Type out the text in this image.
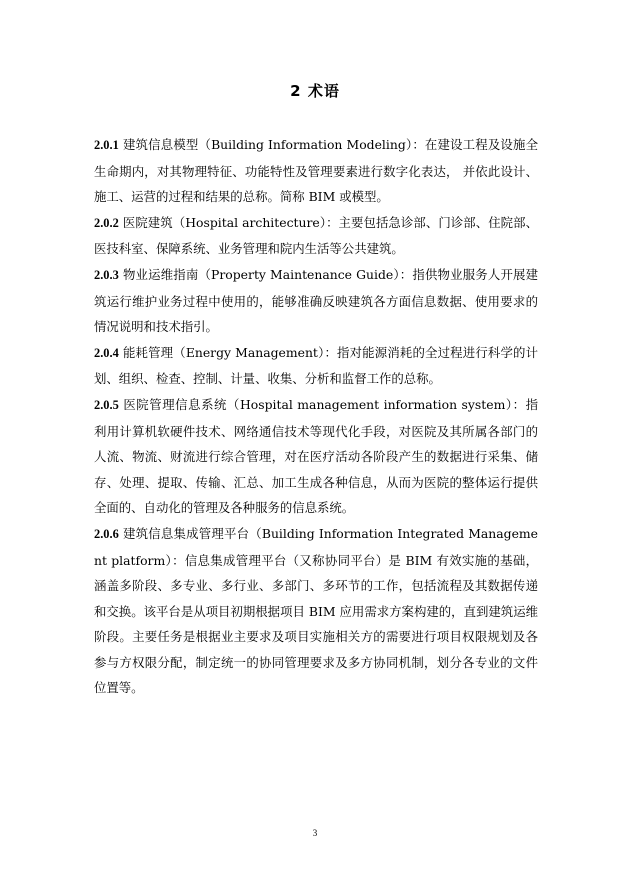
2 术语

2.0.1 建筑信息模型（Building Information Modeling）：在建设工程及设施全生命期内，对其物理特征、功能特性及管理要素进行数字化表达， 并依此设计、施工、运营的过程和结果的总称。简称 BIM 或模型。

2.0.2 医院建筑（Hospital architecture）：主要包括急诊部、门诊部、住院部、医技科室、保障系统、业务管理和院内生活等公共建筑。

2.0.3 物业运维指南（Property Maintenance Guide）：指供物业服务人开展建筑运行维护业务过程中使用的，能够准确反映建筑各方面信息数据、使用要求的情况说明和技术指引。

2.0.4 能耗管理（Energy Management）：指对能源消耗的全过程进行科学的计划、组织、检查、控制、计量、收集、分析和监督工作的总称。

2.0.5 医院管理信息系统（Hospital management information system）：指利用计算机软硬件技术、网络通信技术等现代化手段，对医院及其所属各部门的人流、物流、财流进行综合管理，对在医疗活动各阶段产生的数据进行采集、储存、处理、提取、传输、汇总、加工生成各种信息，从而为医院的整体运行提供全面的、自动化的管理及各种服务的信息系统。

2.0.6 建筑信息集成管理平台（Building Information Integrated Management platform）：信息集成管理平台（又称协同平台）是 BIM 有效实施的基础，涵盖多阶段、多专业、多行业、多部门、多环节的工作，包括流程及其数据传递和交换。该平台是从项目初期根据项目 BIM 应用需求方案构建的，直到建筑运维阶段。主要任务是根据业主要求及项目实施相关方的需要进行项目权限规划及各参与方权限分配，制定统一的协同管理要求及多方协同机制，划分各专业的文件位置等。

3
